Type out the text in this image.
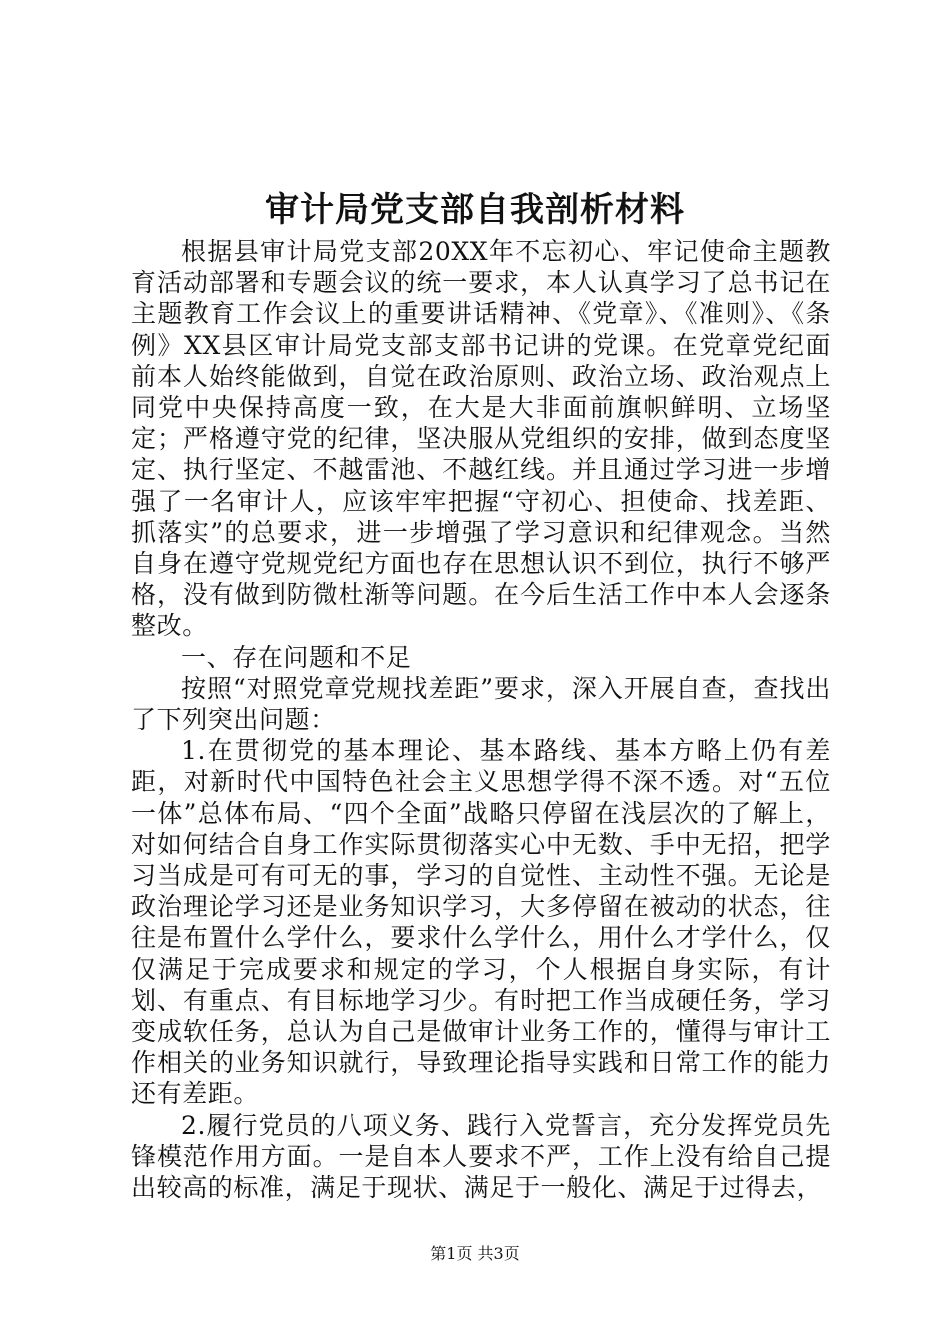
审计局党支部自我剖析材料

根据县审计局党支部20XX年不忘初心、牢记使命主题教育活动部署和专题会议的统一要求，本人认真学习了总书记在主题教育工作会议上的重要讲话精神、《党章》、《准则》、《条例》XX县区审计局党支部支部书记讲的党课。在党章党纪面前本人始终能做到，自觉在政治原则、政治立场、政治观点上同党中央保持高度一致，在大是大非面前旗帜鲜明、立场坚定；严格遵守党的纪律，坚决服从党组织的安排，做到态度坚定、执行坚定、不越雷池、不越红线。并且通过学习进一步增强了一名审计人，应该牢牢把握“守初心、担使命、找差距、抓落实”的总要求，进一步增强了学习意识和纪律观念。当然自身在遵守党规党纪方面也存在思想认识不到位，执行不够严格，没有做到防微杜渐等问题。在今后生活工作中本人会逐条整改。

一、存在问题和不足

按照“对照党章党规找差距”要求，深入开展自查，查找出了下列突出问题：

1.在贯彻党的基本理论、基本路线、基本方略上仍有差距，对新时代中国特色社会主义思想学得不深不透。对“五位一体”总体布局、“四个全面”战略只停留在浅层次的了解上，对如何结合自身工作实际贯彻落实心中无数、手中无招，把学习当成是可有可无的事，学习的自觉性、主动性不强。无论是政治理论学习还是业务知识学习，大多停留在被动的状态，往往是布置什么学什么，要求什么学什么，用什么才学什么，仅仅满足于完成要求和规定的学习，个人根据自身实际，有计划、有重点、有目标地学习少。有时把工作当成硬任务，学习变成软任务，总认为自己是做审计业务工作的，懂得与审计工作相关的业务知识就行，导致理论指导实践和日常工作的能力还有差距。

2.履行党员的八项义务、践行入党誓言，充分发挥党员先锋模范作用方面。一是自本人要求不严，工作上没有给自己提出较高的标准，满足于现状、满足于一般化、满足于过得去，

第1页 共3页
